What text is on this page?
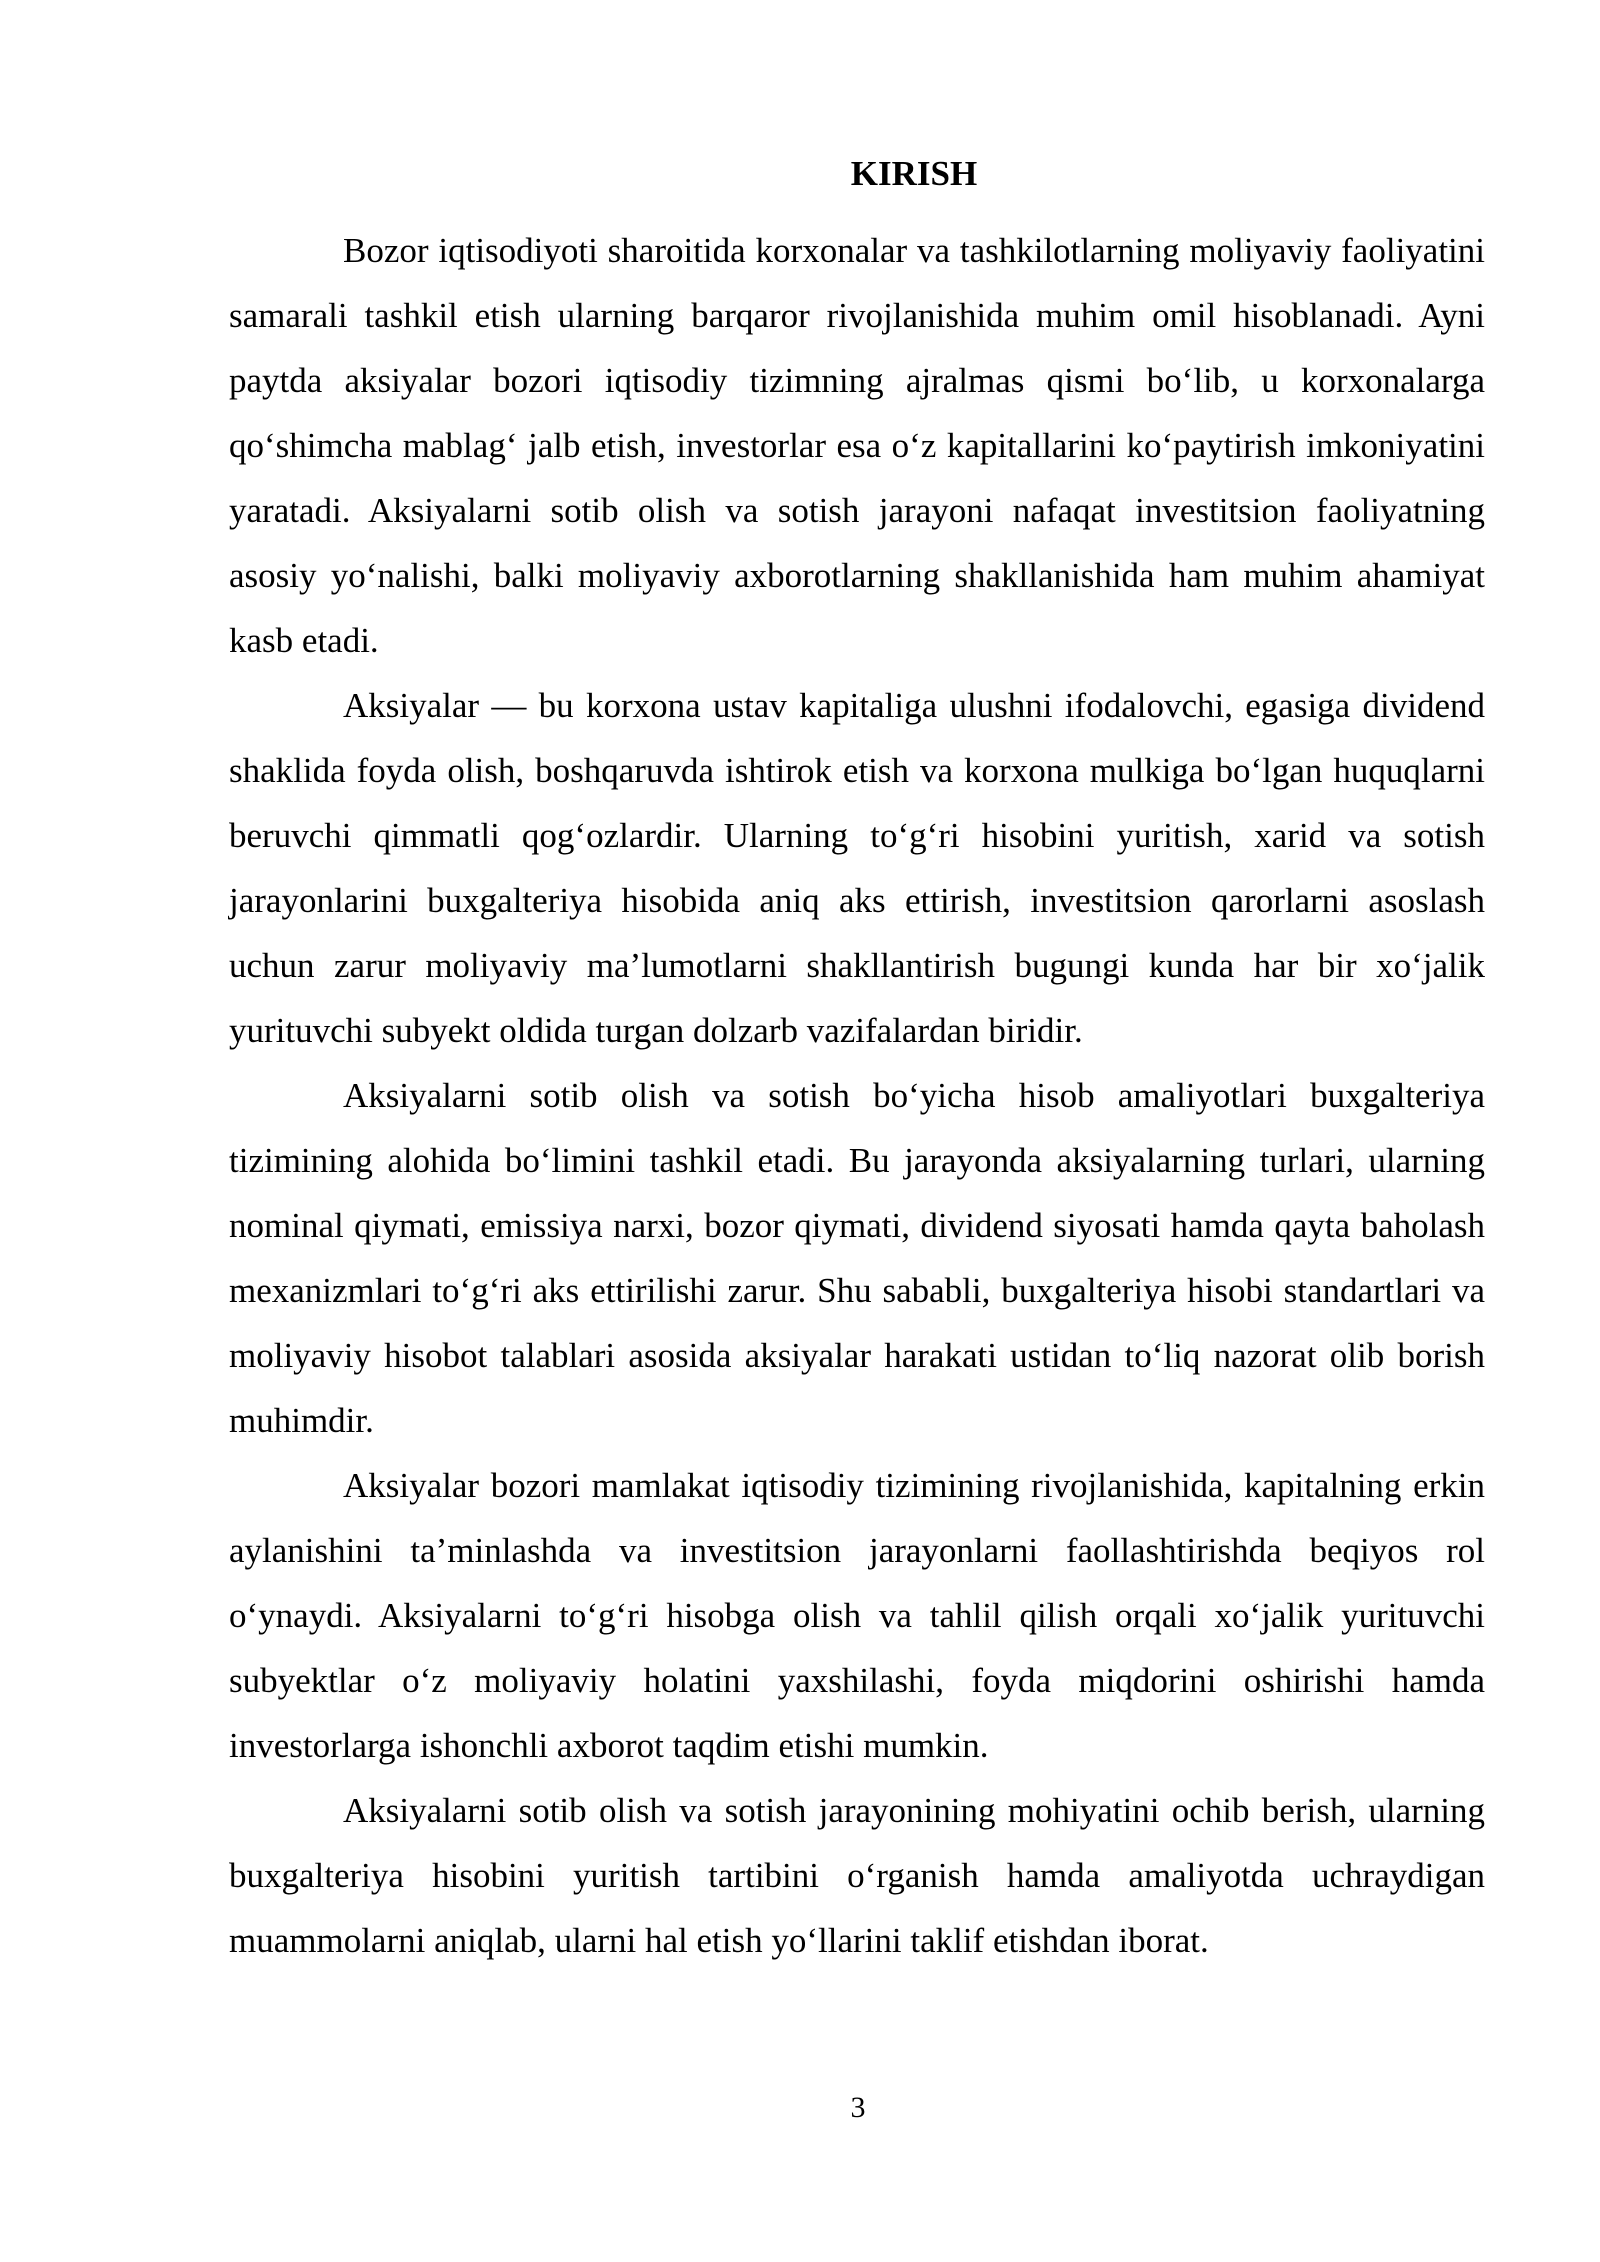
KIRISH

Bozor iqtisodiyoti sharoitida korxonalar va tashkilotlarning moliyaviy faoliyatini samarali tashkil etish ularning barqaror rivojlanishida muhim omil hisoblanadi. Ayni paytda aksiyalar bozori iqtisodiy tizimning ajralmas qismi bo‘lib, u korxonalarga qo‘shimcha mablag‘ jalb etish, investorlar esa o‘z kapitallarini ko‘paytirish imkoniyatini yaratadi. Aksiyalarni sotib olish va sotish jarayoni nafaqat investitsion faoliyatning asosiy yo‘nalishi, balki moliyaviy axborotlarning shakllanishida ham muhim ahamiyat kasb etadi.

Aksiyalar — bu korxona ustav kapitaliga ulushni ifodalovchi, egasiga dividend shaklida foyda olish, boshqaruvda ishtirok etish va korxona mulkiga bo‘lgan huquqlarni beruvchi qimmatli qog‘ozlardir. Ularning to‘g‘ri hisobini yuritish, xarid va sotish jarayonlarini buxgalteriya hisobida aniq aks ettirish, investitsion qarorlarni asoslash uchun zarur moliyaviy ma’lumotlarni shakllantirish bugungi kunda har bir xo‘jalik yurituvchi subyekt oldida turgan dolzarb vazifalardan biridir.

Aksiyalarni sotib olish va sotish bo‘yicha hisob amaliyotlari buxgalteriya tizimining alohida bo‘limini tashkil etadi. Bu jarayonda aksiyalarning turlari, ularning nominal qiymati, emissiya narxi, bozor qiymati, dividend siyosati hamda qayta baholash mexanizmlari to‘g‘ri aks ettirilishi zarur. Shu sababli, buxgalteriya hisobi standartlari va moliyaviy hisobot talablari asosida aksiyalar harakati ustidan to‘liq nazorat olib borish muhimdir.

Aksiyalar bozori mamlakat iqtisodiy tizimining rivojlanishida, kapitalning erkin aylanishini ta’minlashda va investitsion jarayonlarni faollashtirishda beqiyos rol o‘ynaydi. Aksiyalarni to‘g‘ri hisobga olish va tahlil qilish orqali xo‘jalik yurituvchi subyektlar o‘z moliyaviy holatini yaxshilashi, foyda miqdorini oshirishi hamda investorlarga ishonchli axborot taqdim etishi mumkin.

Aksiyalarni sotib olish va sotish jarayonining mohiyatini ochib berish, ularning buxgalteriya hisobini yuritish tartibini o‘rganish hamda amaliyotda uchraydigan muammolarni aniqlab, ularni hal etish yo‘llarini taklif etishdan iborat.

3
